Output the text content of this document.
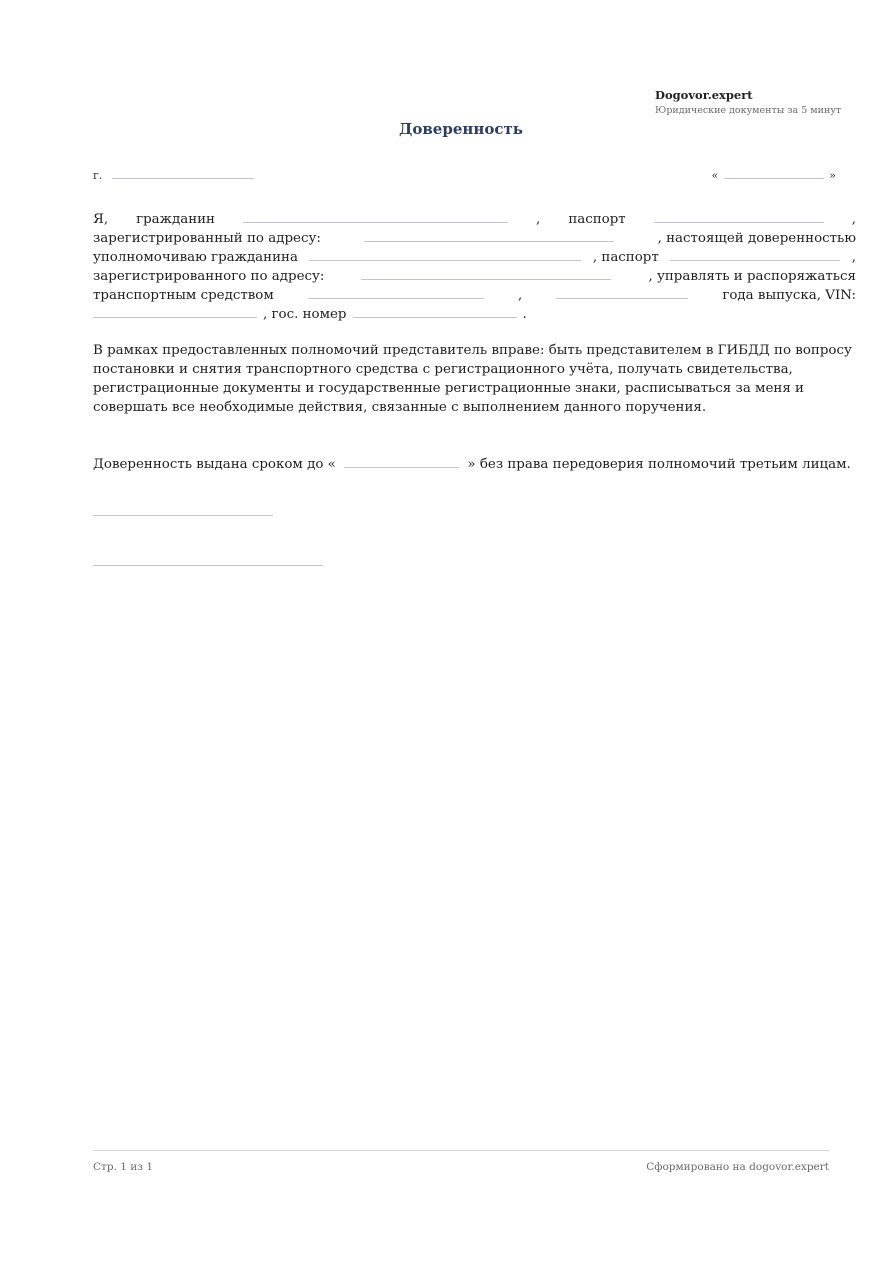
Dogovor.expert
Юридические документы за 5 минут
Доверенность
г.	«	»
Я, гражданин	, паспорт	,
зарегистрированный по адресу:	, настоящей доверенностью
уполномочиваю гражданина	, паспорт	,
зарегистрированного по адресу:	, управлять и распоряжаться
транспортным средством	,	года выпуска, VIN:
, гос. номер	.
В рамках предоставленных полномочий представитель вправе: быть представителем в ГИБДД по вопросу постановки и снятия транспортного средства с регистрационного учёта, получать свидетельства, регистрационные документы и государственные регистрационные знаки, расписываться за меня и совершать все необходимые действия, связанные с выполнением данного поручения.
Доверенность выдана сроком до «	» без права передоверия полномочий третьим лицам.
Стр. 1 из 1	Сформировано на dogovor.expert
